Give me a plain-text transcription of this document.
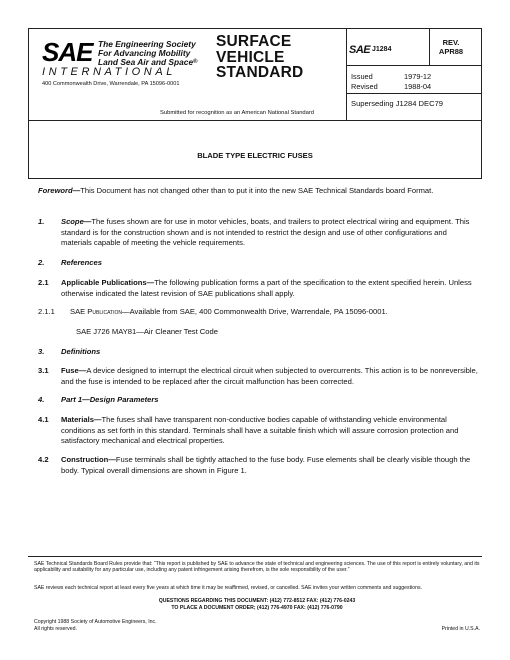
SAE The Engineering Society
For Advancing Mobility
Land Sea Air and Space®
INTERNATIONAL
400 Commonwealth Drive, Warrendale, PA 15096-0001
SURFACE
VEHICLE
STANDARD
Submitted for recognition as an American National Standard
SAE J1284
REV.
APR88
Issued	1979-12
Revised	1988-04
Superseding J1284 DEC79
BLADE TYPE ELECTRIC FUSES
Foreword—This Document has not changed other than to put it into the new SAE Technical Standards board Format.
1.	Scope—The fuses shown are for use in motor vehicles, boats, and trailers to protect electrical wiring and equipment. This standard is for the construction shown and is not intended to restrict the design and use of other configurations and materials capable of meeting the vehicle requirements.
2.	References
2.1	Applicable Publications—The following publication forms a part of the specification to the extent specified herein. Unless otherwise indicated the latest revision of SAE publications shall apply.
2.1.1	SAE Publication—Available from SAE, 400 Commonwealth Drive, Warrendale, PA 15096-0001.
SAE J726 MAY81—Air Cleaner Test Code
3.	Definitions
3.1	Fuse—A device designed to interrupt the electrical circuit when subjected to overcurrents. This action is to be nonreversible, and the fuse is intended to be replaced after the circuit malfunction has been corrected.
4.	Part 1—Design Parameters
4.1	Materials—The fuses shall have transparent non-conductive bodies capable of withstanding vehicle environmental conditions as set forth in this standard. Terminals shall have a suitable finish which will assure corrosion protection and satisfactory mechanical and electrical properties.
4.2	Construction—Fuse terminals shall be tightly attached to the fuse body. Fuse elements shall be clearly visible though the body. Typical overall dimensions are shown in Figure 1.
SAE Technical Standards Board Rules provide that: “This report is published by SAE to advance the state of technical and engineering sciences. The use of this report is entirely voluntary, and its applicability and suitability for any particular use, including any patent infringement arising therefrom, is the sole responsibility of the user.”
SAE reviews each technical report at least every five years at which time it may be reaffirmed, revised, or cancelled. SAE invites your written comments and suggestions.
QUESTIONS REGARDING THIS DOCUMENT: (412) 772-8512 FAX: (412) 776-0243
TO PLACE A DOCUMENT ORDER; (412) 776-4970 FAX: (412) 776-0790
Copyright 1988 Society of Automotive Engineers, Inc.
All rights reserved.	Printed in U.S.A.
